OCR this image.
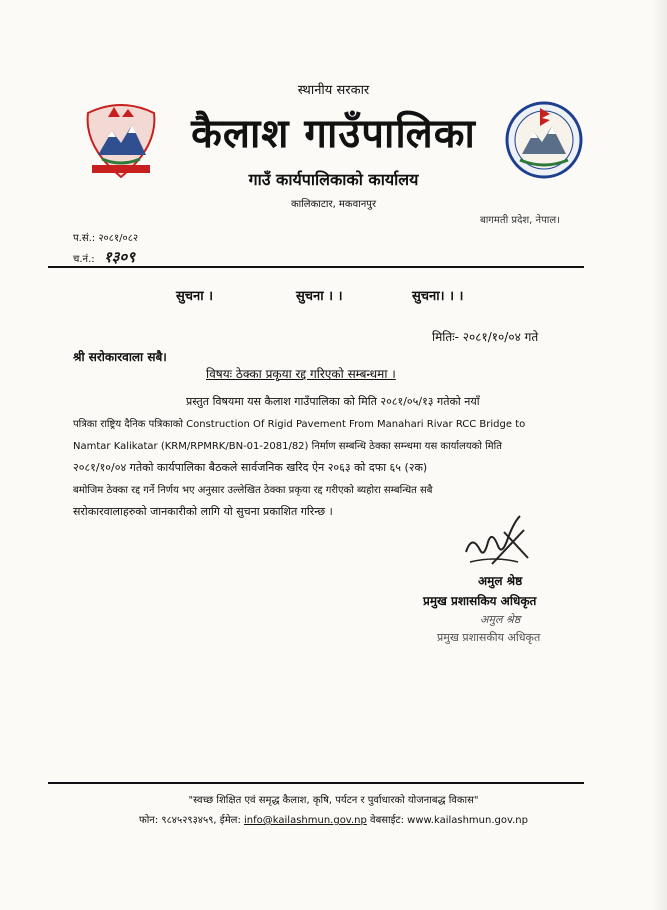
स्थानीय सरकार
कैलाश गाउँपालिका
गाउँ कार्यपालिकाको कार्यालय
कालिकाटार, मकवानपुर
बागमती प्रदेश, नेपाल।
प.सं.: २०८१/०८२
च.नं.: १३०९
सुचना ।	सुचना । ।	सुचना। । ।
मितिः- २०८१/१०/०४ गते
श्री सरोकारवाला सबै।
विषयः ठेक्का प्रकृया रद्द गरिएको सम्बन्धमा ।
प्रस्तुत विषयमा यस कैलाश गाउँपालिका को मिति २०८१/०५/१३ गतेको नयाँ
पत्रिका राष्ट्रिय दैनिक पत्रिकाको Construction Of Rigid Pavement From Manahari Rivar RCC Bridge to
Namtar Kalikatar (KRM/RPMRK/BN-01-2081/82) निर्माण सम्बन्धि ठेक्का सम्न्धमा यस कार्यालयको मिति
२०८१/१०/०४ गतेको कार्यपालिका बैठकले सार्वजनिक खरिद ऐन २०६३ को दफा ६५ (२क)
बमोजिम ठेक्का रद्द गर्ने निर्णय भए अनुसार उल्लेखित ठेक्का प्रकृया रद्द गरीएको ब्यहोरा सम्बन्धित सबै
सरोकारवालाहरुको जानकारीको लागि यो सुचना प्रकाशित गरिन्छ ।
अमुल श्रेष्ठ
प्रमुख प्रशासकिय अधिकृत
अमुल श्रेष्ठ
प्रमुख प्रशासकीय अधिकृत
"स्वच्छ शिक्षित एवं समृद्ध कैलाश, कृषि, पर्यटन र पुर्वाधारको योजनाबद्ध विकास"
फोन: ९८४५२९३४५९, ईमेल: info@kailashmun.gov.np वेबसाईट: www.kailashmun.gov.np
